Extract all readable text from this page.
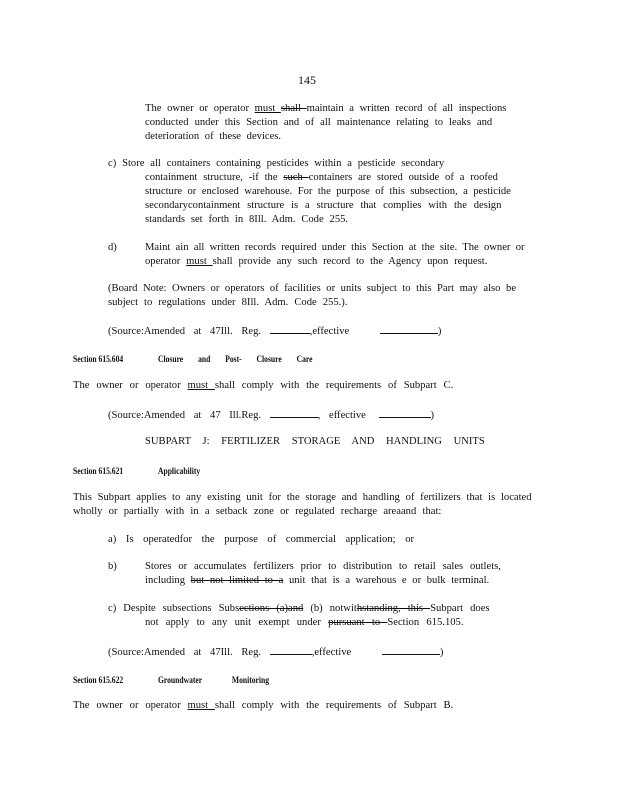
145
The owner or operator must shall maintain a written record of all inspections
conducted under this Section and of all maintenance relating to leaks and
deterioration of these devices.
c) Store all containers containing pesticides within a pesticide secondary
containment structure, -if the such containers are stored outside of a roofed
structure or enclosed warehouse. For the purpose of this subsection, a pesticide
secondarycontainment structure is a structure that complies with the design
standards set forth in 8Ill. Adm. Code 255.
d)	Maint ain all written records required under this Section at the site. The owner or
operator must shall provide any such record to the Agency upon request.
(Board Note: Owners or operators of facilities or units subject to this Part may also be
subject to regulations under 8Ill. Adm. Code 255.).
(Source:Amended at 47Ill. Reg.	,effective	)
Section 615.604	Closure and Post- Closure Care
The owner or operator must shall comply with the requirements of Subpart C.
(Source:Amended at 47 Ill.Reg.	, effective	)
SUBPART J: FERTILIZER STORAGE AND HANDLING UNITS
Section 615.621	Applicability
This Subpart applies to any existing unit for the storage and handling of fertilizers that is located
wholly or partially with in a setback zone or regulated recharge areaand that:
a) Is operatedfor the purpose of commercial application; or
b)	Stores or accumulates fertilizers prior to distribution to retail sales outlets,
including but not limited to a unit that is a warehous e or bulk terminal.
c) Despite subsections Subsections (a)and (b) notwithstanding, this Subpart does
not apply to any unit exempt under pursuant to Section 615.105.
(Source:Amended at 47Ill. Reg.	,effective	)
Section 615.622	Groundwater Monitoring
The owner or operator must shall comply with the requirements of Subpart B.
